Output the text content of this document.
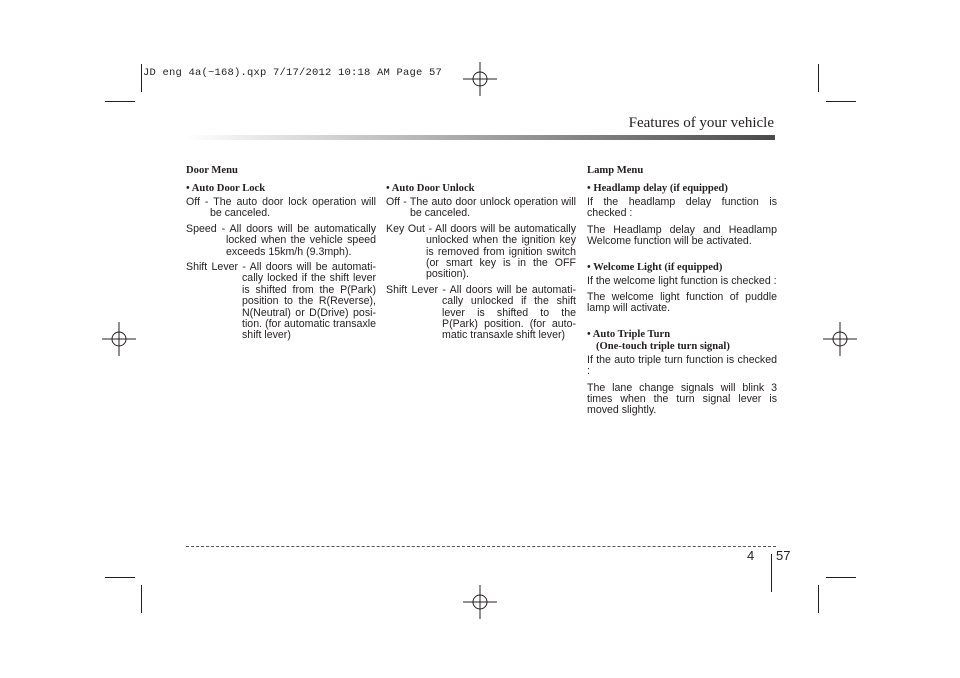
JD eng 4a(~168).qxp 7/17/2012 10:18 AM Page 57
Features of your vehicle
Door Menu
• Auto Door Lock
Off - The auto door lock operation will be canceled.
Speed - All doors will be automatically locked when the vehicle speed exceeds 15km/h (9.3mph).
Shift Lever - All doors will be automati-cally locked if the shift lever is shifted from the P(Park) position to the R(Reverse), N(Neutral) or D(Drive) posi-tion. (for automatic transaxle shift lever)
• Auto Door Unlock
Off - The auto door unlock operation will be canceled.
Key Out - All doors will be automatically unlocked when the ignition key is removed from ignition switch (or smart key is in the OFF position).
Shift Lever - All doors will be automati-cally unlocked if the shift lever is shifted to the P(Park) position. (for auto-matic transaxle shift lever)
Lamp Menu
• Headlamp delay (if equipped)
If the headlamp delay function is checked :
The Headlamp delay and Headlamp Welcome function will be activated.
• Welcome Light (if equipped)
If the welcome light function is checked :
The welcome light function of puddle lamp will activate.
• Auto Triple Turn
(One-touch triple turn signal)
If the auto triple turn function is checked :
The lane change signals will blink 3 times when the turn signal lever is moved slightly.
4 57
